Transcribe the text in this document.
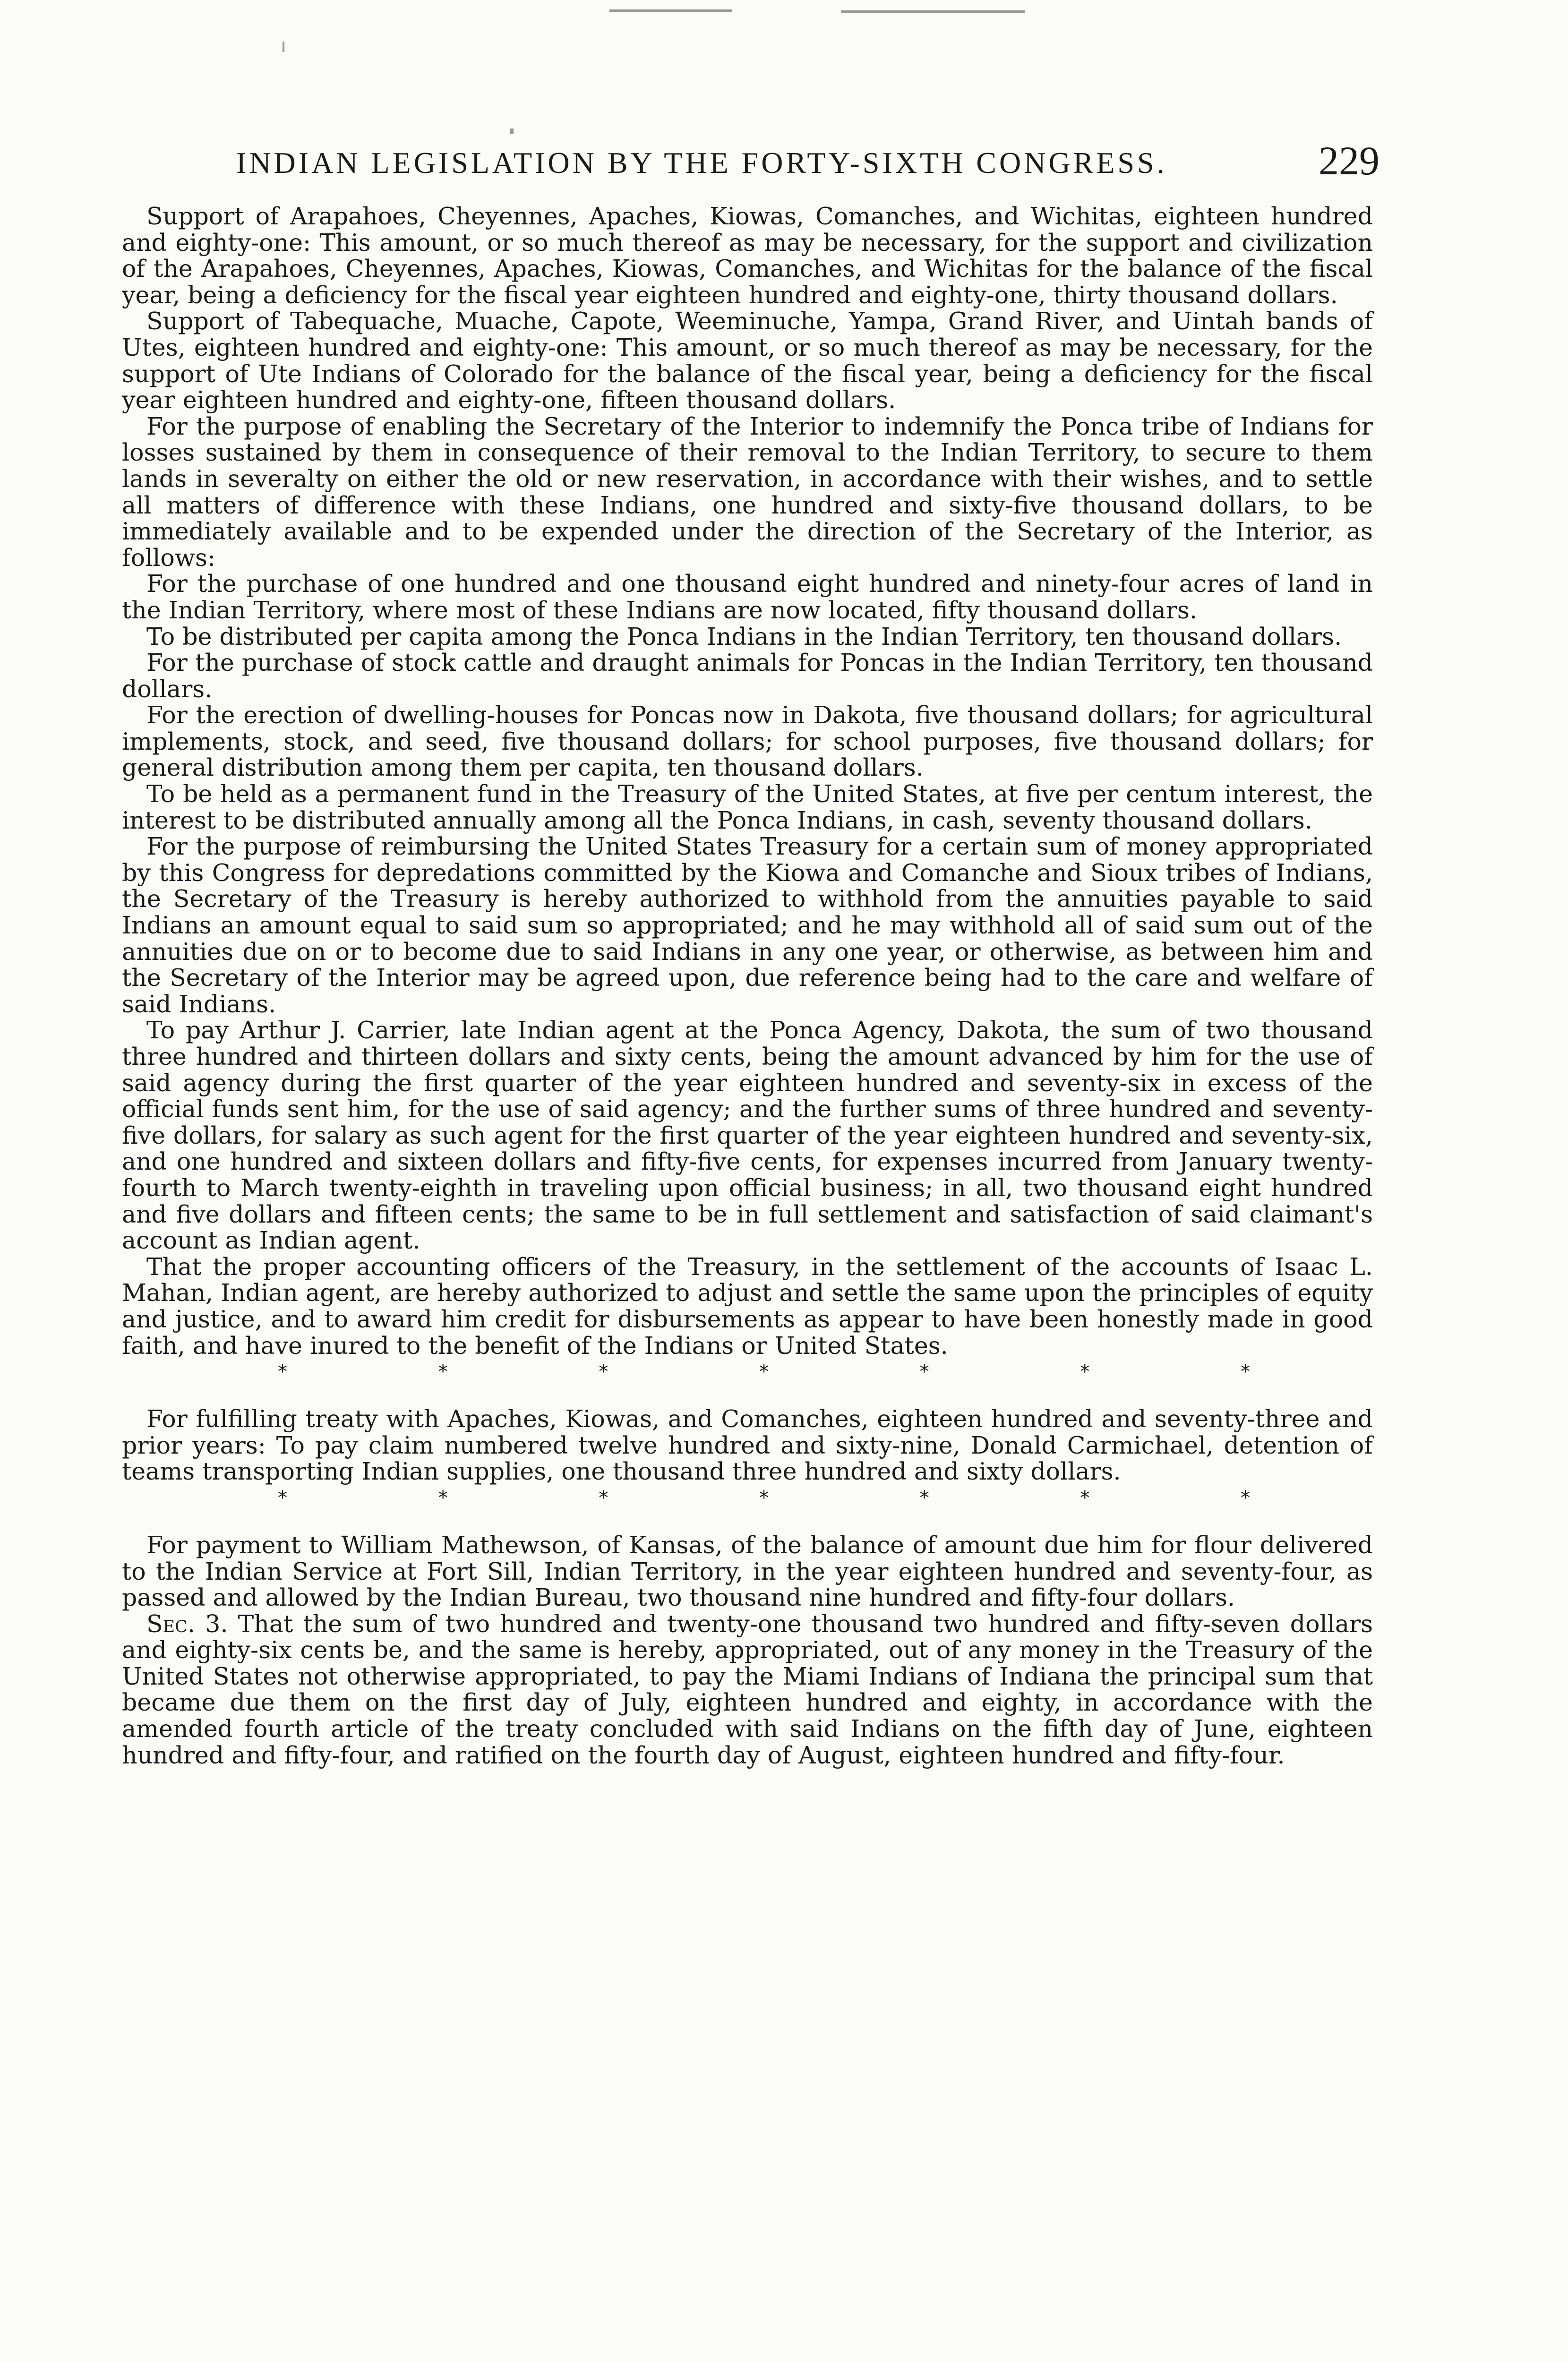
INDIAN LEGISLATION BY THE FORTY-SIXTH CONGRESS.	229

Support of Arapahoes, Cheyennes, Apaches, Kiowas, Comanches, and Wichitas, eighteen hundred and eighty-one: This amount, or so much thereof as may be necessary, for the support and civilization of the Arapahoes, Cheyennes, Apaches, Kiowas, Comanches, and Wichitas for the balance of the fiscal year, being a deficiency for the fiscal year eighteen hundred and eighty-one, thirty thousand dollars.

Support of Tabequache, Muache, Capote, Weeminuche, Yampa, Grand River, and Uintah bands of Utes, eighteen hundred and eighty-one: This amount, or so much thereof as may be necessary, for the support of Ute Indians of Colorado for the balance of the fiscal year, being a deficiency for the fiscal year eighteen hundred and eighty-one, fifteen thousand dollars.

For the purpose of enabling the Secretary of the Interior to indemnify the Ponca tribe of Indians for losses sustained by them in consequence of their removal to the Indian Territory, to secure to them lands in severalty on either the old or new reservation, in accordance with their wishes, and to settle all matters of difference with these Indians, one hundred and sixty-five thousand dollars, to be immediately available and to be expended under the direction of the Secretary of the Interior, as follows:

For the purchase of one hundred and one thousand eight hundred and ninety-four acres of land in the Indian Territory, where most of these Indians are now located, fifty thousand dollars.

To be distributed per capita among the Ponca Indians in the Indian Territory, ten thousand dollars.

For the purchase of stock cattle and draught animals for Poncas in the Indian Territory, ten thousand dollars.

For the erection of dwelling-houses for Poncas now in Dakota, five thousand dollars; for agricultural implements, stock, and seed, five thousand dollars; for school purposes, five thousand dollars; for general distribution among them per capita, ten thousand dollars.

To be held as a permanent fund in the Treasury of the United States, at five per centum interest, the interest to be distributed annually among all the Ponca Indians, in cash, seventy thousand dollars.

For the purpose of reimbursing the United States Treasury for a certain sum of money appropriated by this Congress for depredations committed by the Kiowa and Comanche and Sioux tribes of Indians, the Secretary of the Treasury is hereby authorized to withhold from the annuities payable to said Indians an amount equal to said sum so appropriated; and he may withhold all of said sum out of the annuities due on or to become due to said Indians in any one year, or otherwise, as between him and the Secretary of the Interior may be agreed upon, due reference being had to the care and welfare of said Indians.

To pay Arthur J. Carrier, late Indian agent at the Ponca Agency, Dakota, the sum of two thousand three hundred and thirteen dollars and sixty cents, being the amount advanced by him for the use of said agency during the first quarter of the year eighteen hundred and seventy-six in excess of the official funds sent him, for the use of said agency; and the further sums of three hundred and seventy-five dollars, for salary as such agent for the first quarter of the year eighteen hundred and seventy-six, and one hundred and sixteen dollars and fifty-five cents, for expenses incurred from January twenty-fourth to March twenty-eighth in traveling upon official business; in all, two thousand eight hundred and five dollars and fifteen cents; the same to be in full settlement and satisfaction of said claimant's account as Indian agent.

That the proper accounting officers of the Treasury, in the settlement of the accounts of Isaac L. Mahan, Indian agent, are hereby authorized to adjust and settle the same upon the principles of equity and justice, and to award him credit for disbursements as appear to have been honestly made in good faith, and have inured to the benefit of the Indians or United States.

*	*	*	*	*	*	*

For fulfilling treaty with Apaches, Kiowas, and Comanches, eighteen hundred and seventy-three and prior years: To pay claim numbered twelve hundred and sixty-nine, Donald Carmichael, detention of teams transporting Indian supplies, one thousand three hundred and sixty dollars.

*	*	*	*	*	*	*

For payment to William Mathewson, of Kansas, of the balance of amount due him for flour delivered to the Indian Service at Fort Sill, Indian Territory, in the year eighteen hundred and seventy-four, as passed and allowed by the Indian Bureau, two thousand nine hundred and fifty-four dollars.

Sec. 3. That the sum of two hundred and twenty-one thousand two hundred and fifty-seven dollars and eighty-six cents be, and the same is hereby, appropriated, out of any money in the Treasury of the United States not otherwise appropriated, to pay the Miami Indians of Indiana the principal sum that became due them on the first day of July, eighteen hundred and eighty, in accordance with the amended fourth article of the treaty concluded with said Indians on the fifth day of June, eighteen hundred and fifty-four, and ratified on the fourth day of August, eighteen hundred and fifty-four.
